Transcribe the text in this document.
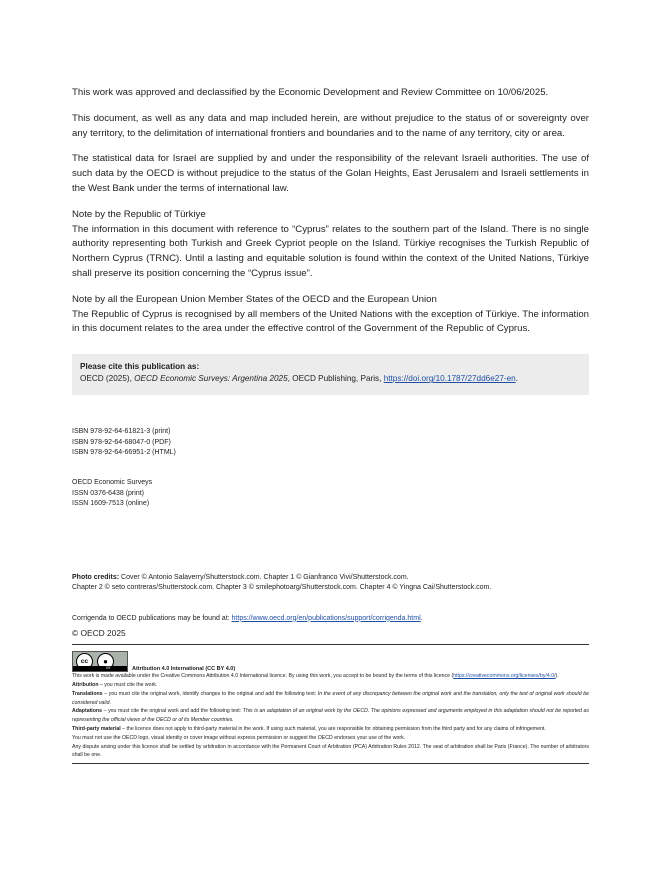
This work was approved and declassified by the Economic Development and Review Committee on 10/06/2025.

This document, as well as any data and map included herein, are without prejudice to the status of or sovereignty over any territory, to the delimitation of international frontiers and boundaries and to the name of any territory, city or area.

The statistical data for Israel are supplied by and under the responsibility of the relevant Israeli authorities. The use of such data by the OECD is without prejudice to the status of the Golan Heights, East Jerusalem and Israeli settlements in the West Bank under the terms of international law.

Note by the Republic of Türkiye

The information in this document with reference to “Cyprus” relates to the southern part of the Island. There is no single authority representing both Turkish and Greek Cypriot people on the Island. Türkiye recognises the Turkish Republic of Northern Cyprus (TRNC). Until a lasting and equitable solution is found within the context of the United Nations, Türkiye shall preserve its position concerning the “Cyprus issue”.

Note by all the European Union Member States of the OECD and the European Union

The Republic of Cyprus is recognised by all members of the United Nations with the exception of Türkiye. The information in this document relates to the area under the effective control of the Government of the Republic of Cyprus.

Please cite this publication as:
OECD (2025), OECD Economic Surveys: Argentina 2025, OECD Publishing, Paris, https://doi.org/10.1787/27dd6e27-en.
ISBN 978-92-64-61821-3 (print)
ISBN 978-92-64-68047-0 (PDF)
ISBN 978-92-64-66951-2 (HTML)
OECD Economic Surveys
ISSN 0376-6438 (print)
ISSN 1609-7513 (online)
Photo credits: Cover © Antonio Salaverry/Shutterstock.com. Chapter 1 © Gianfranco Vivi/Shutterstock.com.
Chapter 2 © seto contreras/Shutterstock.com. Chapter 3 © smilephotoarg/Shutterstock.com. Chapter 4 © Yingna Cai/Shutterstock.com.
Corrigenda to OECD publications may be found at: https://www.oecd.org/en/publications/support/corrigenda.html.
© OECD 2025
cc	●
BY	Attribution 4.0 International (CC BY 4.0)

This work is made available under the Creative Commons Attribution 4.0 International licence. By using this work, you accept to be bound by the terms of this licence (https://creativecommons.org/licenses/by/4.0/).

Attribution – you must cite the work.

Translations – you must cite the original work, identify changes to the original and add the following text: In the event of any discrepancy between the original work and the translation, only the text of original work should be considered valid.

Adaptations – you must cite the original work and add the following text: This is an adaptation of an original work by the OECD. The opinions expressed and arguments employed in this adaptation should not be reported as representing the official views of the OECD or of its Member countries.

Third-party material – the licence does not apply to third-party material in the work. If using such material, you are responsible for obtaining permission from the third party and for any claims of infringement.

You must not use the OECD logo, visual identity or cover image without express permission or suggest the OECD endorses your use of the work.

Any dispute arising under this licence shall be settled by arbitration in accordance with the Permanent Court of Arbitration (PCA) Arbitration Rules 2012. The seat of arbitration shall be Paris (France). The number of arbitrators shall be one.
